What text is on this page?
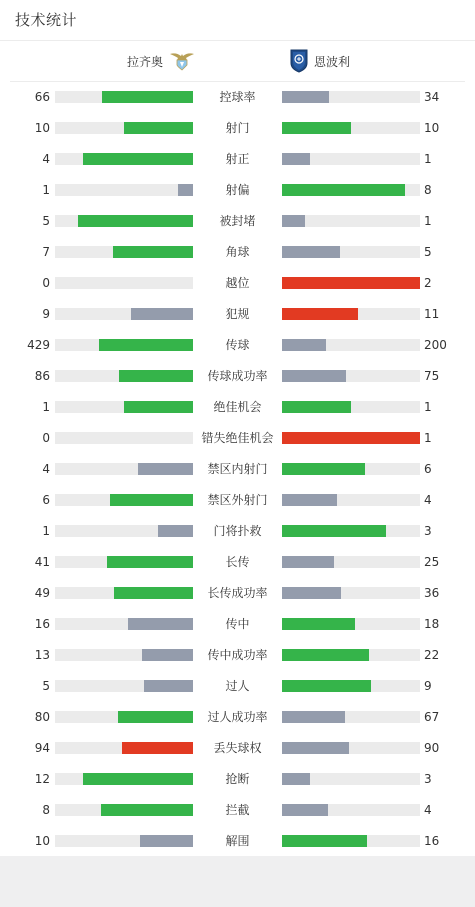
技术统计
拉齐奥	恩波利
66	控球率	34
10	射门	10
4	射正	1
1	射偏	8
5	被封堵	1
7	角球	5
0	越位	2
9	犯规	11
429	传球	200
86	传球成功率	75
1	绝佳机会	1
0	错失绝佳机会	1
4	禁区内射门	6
6	禁区外射门	4
1	门将扑救	3
41	长传	25
49	长传成功率	36
16	传中	18
13	传中成功率	22
5	过人	9
80	过人成功率	67
94	丢失球权	90
12	抢断	3
8	拦截	4
10	解围	16
